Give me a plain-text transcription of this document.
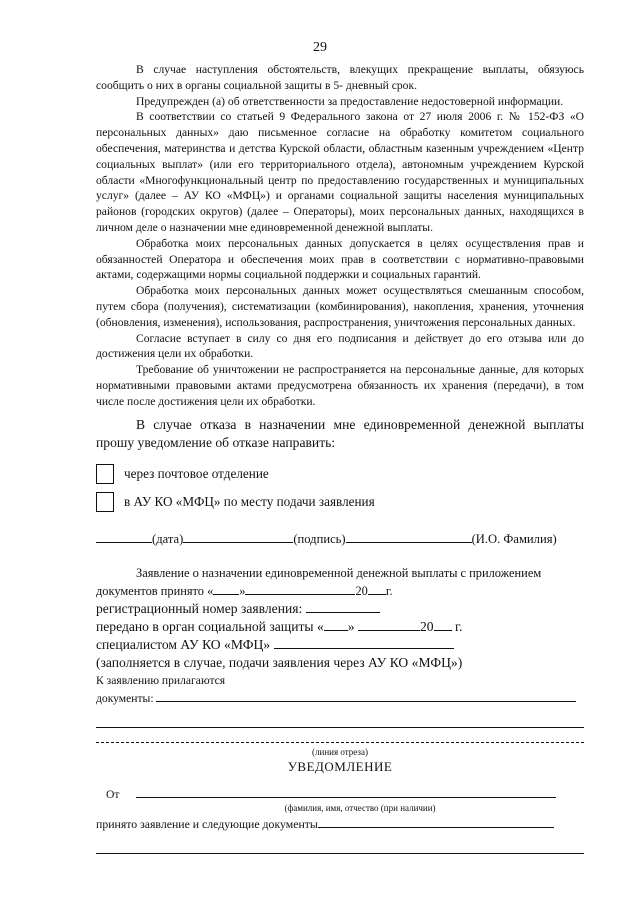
29

В случае наступления обстоятельств, влекущих прекращение выплаты, обязуюсь сообщить о них в органы социальной защиты в 5- дневный срок.

Предупрежден (а) об ответственности за предоставление недостоверной информации.

В соответствии со статьей 9 Федерального закона от 27 июля 2006 г. № 152-ФЗ «О персональных данных» даю письменное согласие на обработку комитетом социального обеспечения, материнства и детства Курской области, областным казенным учреждением «Центр социальных выплат» (или его территориального отдела), автономным учреждением Курской области «Многофункциональный центр по предоставлению государственных и муниципальных услуг» (далее – АУ КО «МФЦ») и органами социальной защиты населения муниципальных районов (городских округов) (далее – Операторы), моих персональных данных, находящихся в личном деле о назначении мне единовременной денежной выплаты.

Обработка моих персональных данных допускается в целях осуществления прав и обязанностей Оператора и обеспечения моих прав в соответствии с нормативно-правовыми актами, содержащими нормы социальной поддержки и социальных гарантий.

Обработка моих персональных данных может осуществляться смешанным способом, путем сбора (получения), систематизации (комбинирования), накопления, хранения, уточнения (обновления, изменения), использования, распространения, уничтожения персональных данных.

Согласие вступает в силу со дня его подписания и действует до его отзыва или до достижения цели их обработки.

Требование об уничтожении не распространяется на персональные данные, для которых нормативными правовыми актами предусмотрена обязанность их хранения (передачи), в том числе после достижения цели их обработки.

В случае отказа в назначении мне единовременной денежной выплаты прошу уведомление об отказе направить:

через почтовое отделение
в АУ КО «МФЦ» по месту подачи заявления
(дата)	(подпись)	(И.О. Фамилия)
Заявление о назначении единовременной денежной выплаты с приложением
документов принято « »	20 г.
регистрационный номер заявления:
передано в орган социальной защиты « »	20 г.
специалистом АУ КО «МФЦ»
(заполняется в случае, подачи заявления через АУ КО «МФЦ»)
К заявлению прилагаются
документы:
(линия отреза)
УВЕДОМЛЕНИЕ
От
(фамилия, имя, отчество (при наличии)
принято заявление и следующие документы
